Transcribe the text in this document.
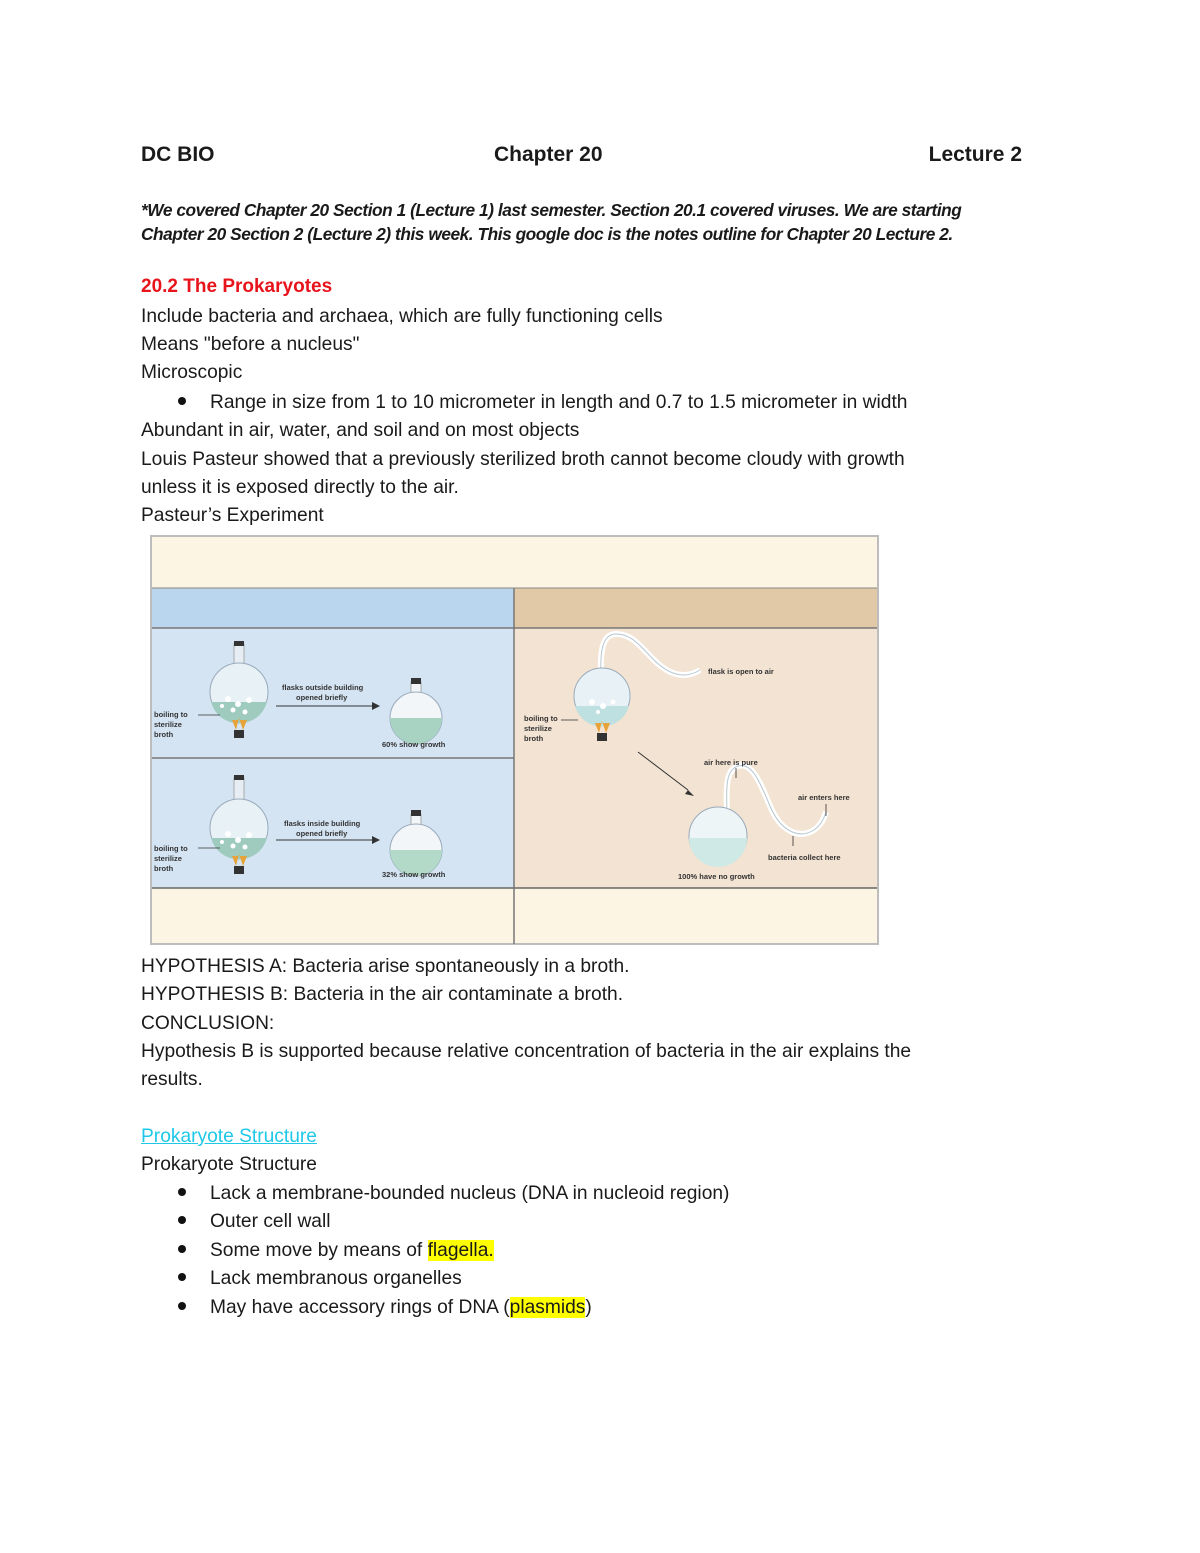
DC BIO	Chapter 20	Lecture 2
*We covered Chapter 20 Section 1 (Lecture 1) last semester. Section 20.1 covered viruses. We are starting
Chapter 20 Section 2 (Lecture 2) this week. This google doc is the notes outline for Chapter 20 Lecture 2.
20.2 The Prokaryotes
Include bacteria and archaea, which are fully functioning cells
Means "before a nucleus"
Microscopic
Range in size from 1 to 10 micrometer in length and 0.7 to 1.5 micrometer in width
Abundant in air, water, and soil and on most objects
Louis Pasteur showed that a previously sterilized broth cannot become cloudy with growth
unless it is exposed directly to the air.
Pasteur’s Experiment
boiling to
sterilize
broth
flasks outside building
opened briefly
60% show growth
boiling to
sterilize
broth
flasks inside building
opened briefly
32% show growth
boiling to
sterilize
broth
flask is open to air
air here is pure
air enters here
bacteria collect here
100% have no growth
HYPOTHESIS A: Bacteria arise spontaneously in a broth.
HYPOTHESIS B: Bacteria in the air contaminate a broth.
CONCLUSION:
Hypothesis B is supported because relative concentration of bacteria in the air explains the
results.
Prokaryote Structure
Prokaryote Structure
Lack a membrane-bounded nucleus (DNA in nucleoid region)
Outer cell wall
Some move by means of flagella.
Lack membranous organelles
May have accessory rings of DNA (plasmids)
